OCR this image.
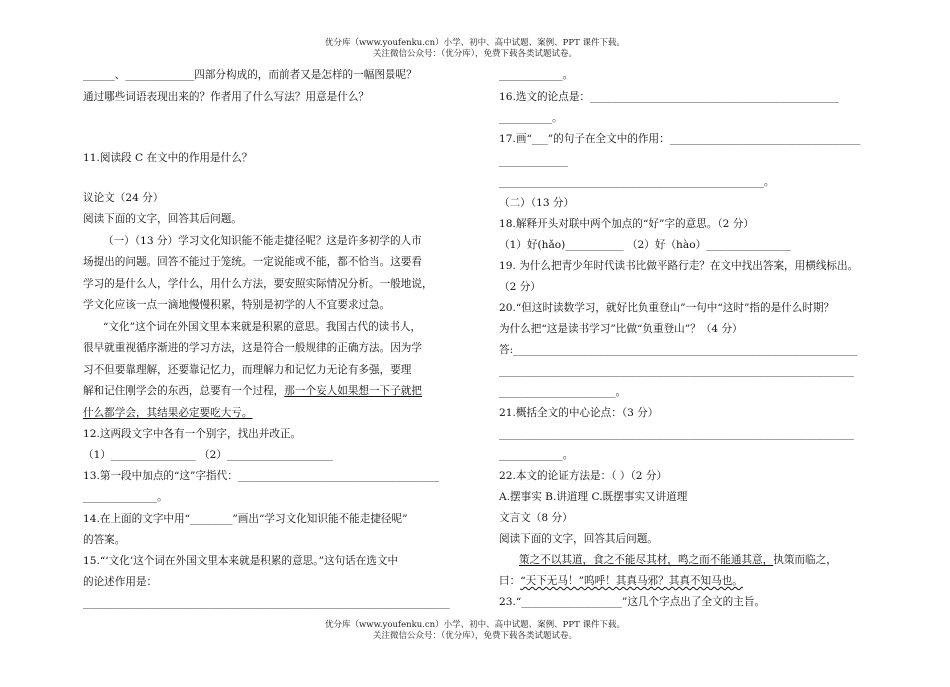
优分库（www.youfenku.cn）小学、初中、高中试题、案例、PPT 课件下载。
关注微信公众号：（优分库），免费下载各类试题试卷。
______、_____________四部分构成的，而前者又是怎样的一幅图景呢？
通过哪些词语表现出来的？作者用了什么写法？用意是什么？
11.阅读段 C 在文中的作用是什么？
议论文（24 分）
阅读下面的文字，回答其后问题。
（一）（13 分）学习文化知识能不能走捷径呢？这是许多初学的人市
场提出的问题。回答不能过于笼统。一定说能或不能，都不恰当。这要看
学习的是什么人，学什么，用什么方法，要安照实际情况分析。一般地说，
学文化应该一点一滴地慢慢积累，特别是初学的人不宜要求过急。
“文化”这个词在外国文里本来就是积累的意思。我国古代的读书人，
很早就重视循序渐进的学习方法，这是符合一般规律的正确方法。因为学
习不但要靠理解，还要靠记忆力，而理解力和记忆力无论有多强，要理
解和记住刚学会的东西，总要有一个过程，那一个妄人如果想一下子就把
什么都学会，其结果必定要吃大亏。
12.这两段文字中各有一个别字，找出并改正。
（1）________________ （2）____________________
13.第一段中加点的“这”字指代：______________________________________
______________。
14.在上面的文字中用“________”画出“学习文化知识能不能走捷径呢”
的答案。
15.“‘文化’这个词在外国文里本来就是积累的意思。”这句话在选文中
的论述作用是：
______________________________________________________________________
____________。
16.选文的论点是：_______________________________________________
__________。
17.画“___”的句子在全文中的作用：____________________________________
_____________
__________________________________________________。
（二）（13 分）
18.解释开头对联中两个加点的“好”字的意思。（2 分）
（1）好(hǎo)___________ （2）好（hào）________________
19. 为什么把青少年时代读书比做平路行走？在文中找出答案，用横线标出。
（2 分）
20.“但这时读数学习，就好比负重登山”一句中“这时”指的是什么时期？
为什么把“这是读书学习”比做“负重登山”？（4 分）
答:_________________________________________________________________
___________________________________________________________________
______________________。
21.概括全文的中心论点：（3 分）
___________________________________________________________________
____________。
22.本文的论证方法是：（ ）（2 分）
A.摆事实 B.讲道理 C.既摆事实又讲道理
文言文（8 分）
阅读下面的文字，回答其后问题。
策之不以其道，食之不能尽其材，鸣之而不能通其意，执策而临之，
曰：“天下无马！”呜呼！其真马邪？其真不知马也。
23.“___________________”这几个字点出了全文的主旨。
优分库（www.youfenku.cn）小学、初中、高中试题、案例、PPT 课件下载。
关注微信公众号：（优分库），免费下载各类试题试卷。
